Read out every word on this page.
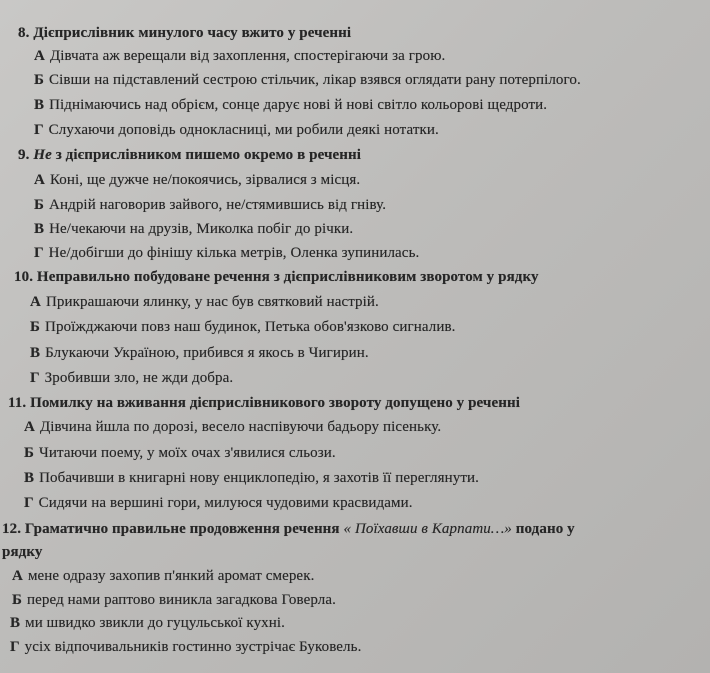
8. Дієприслівник минулого часу вжито у реченні
А Дівчата аж верещали від захоплення, спостерігаючи за грою.
Б Сівши на підставлений сестрою стільчик, лікар взявся оглядати рану потерпілого.
В Піднімаючись над обрієм, сонце дарує нові й нові світло кольорові щедроти.
Г Слухаючи доповідь однокласниці, ми робили деякі нотатки.
9. Не з дієприслівником пишемо окремо в реченні
А Коні, ще дужче не/покоячись, зірвалися з місця.
Б Андрій наговорив зайвого, не/стямившись від гніву.
В Не/чекаючи на друзів, Миколка побіг до річки.
Г Не/добігши до фінішу кілька метрів, Оленка зупинилась.
10. Неправильно побудоване речення з дієприслівниковим зворотом у рядку
А Прикрашаючи ялинку, у нас був святковий настрій.
Б Проїжджаючи повз наш будинок, Петька обов'язково сигналив.
В Блукаючи Україною, прибився я якось в Чигирин.
Г Зробивши зло, не жди добра.
11. Помилку на вживання дієприслівникового звороту допущено у реченні
А Дівчина йшла по дорозі, весело наспівуючи бадьору пісеньку.
Б Читаючи поему, у моїх очах з'явилися сльози.
В Побачивши в книгарні нову енциклопедію, я захотів її переглянути.
Г Сидячи на вершині гори, милуюся чудовими красвидами.
12. Граматично правильне продовження речення « Поїхавши в Карпати…» подано у
рядку
А мене одразу захопив п'янкий аромат смерек.
Б перед нами раптово виникла загадкова Говерла.
В ми швидко звикли до гуцульської кухні.
Г усіх відпочивальників гостинно зустрічає Буковель.
